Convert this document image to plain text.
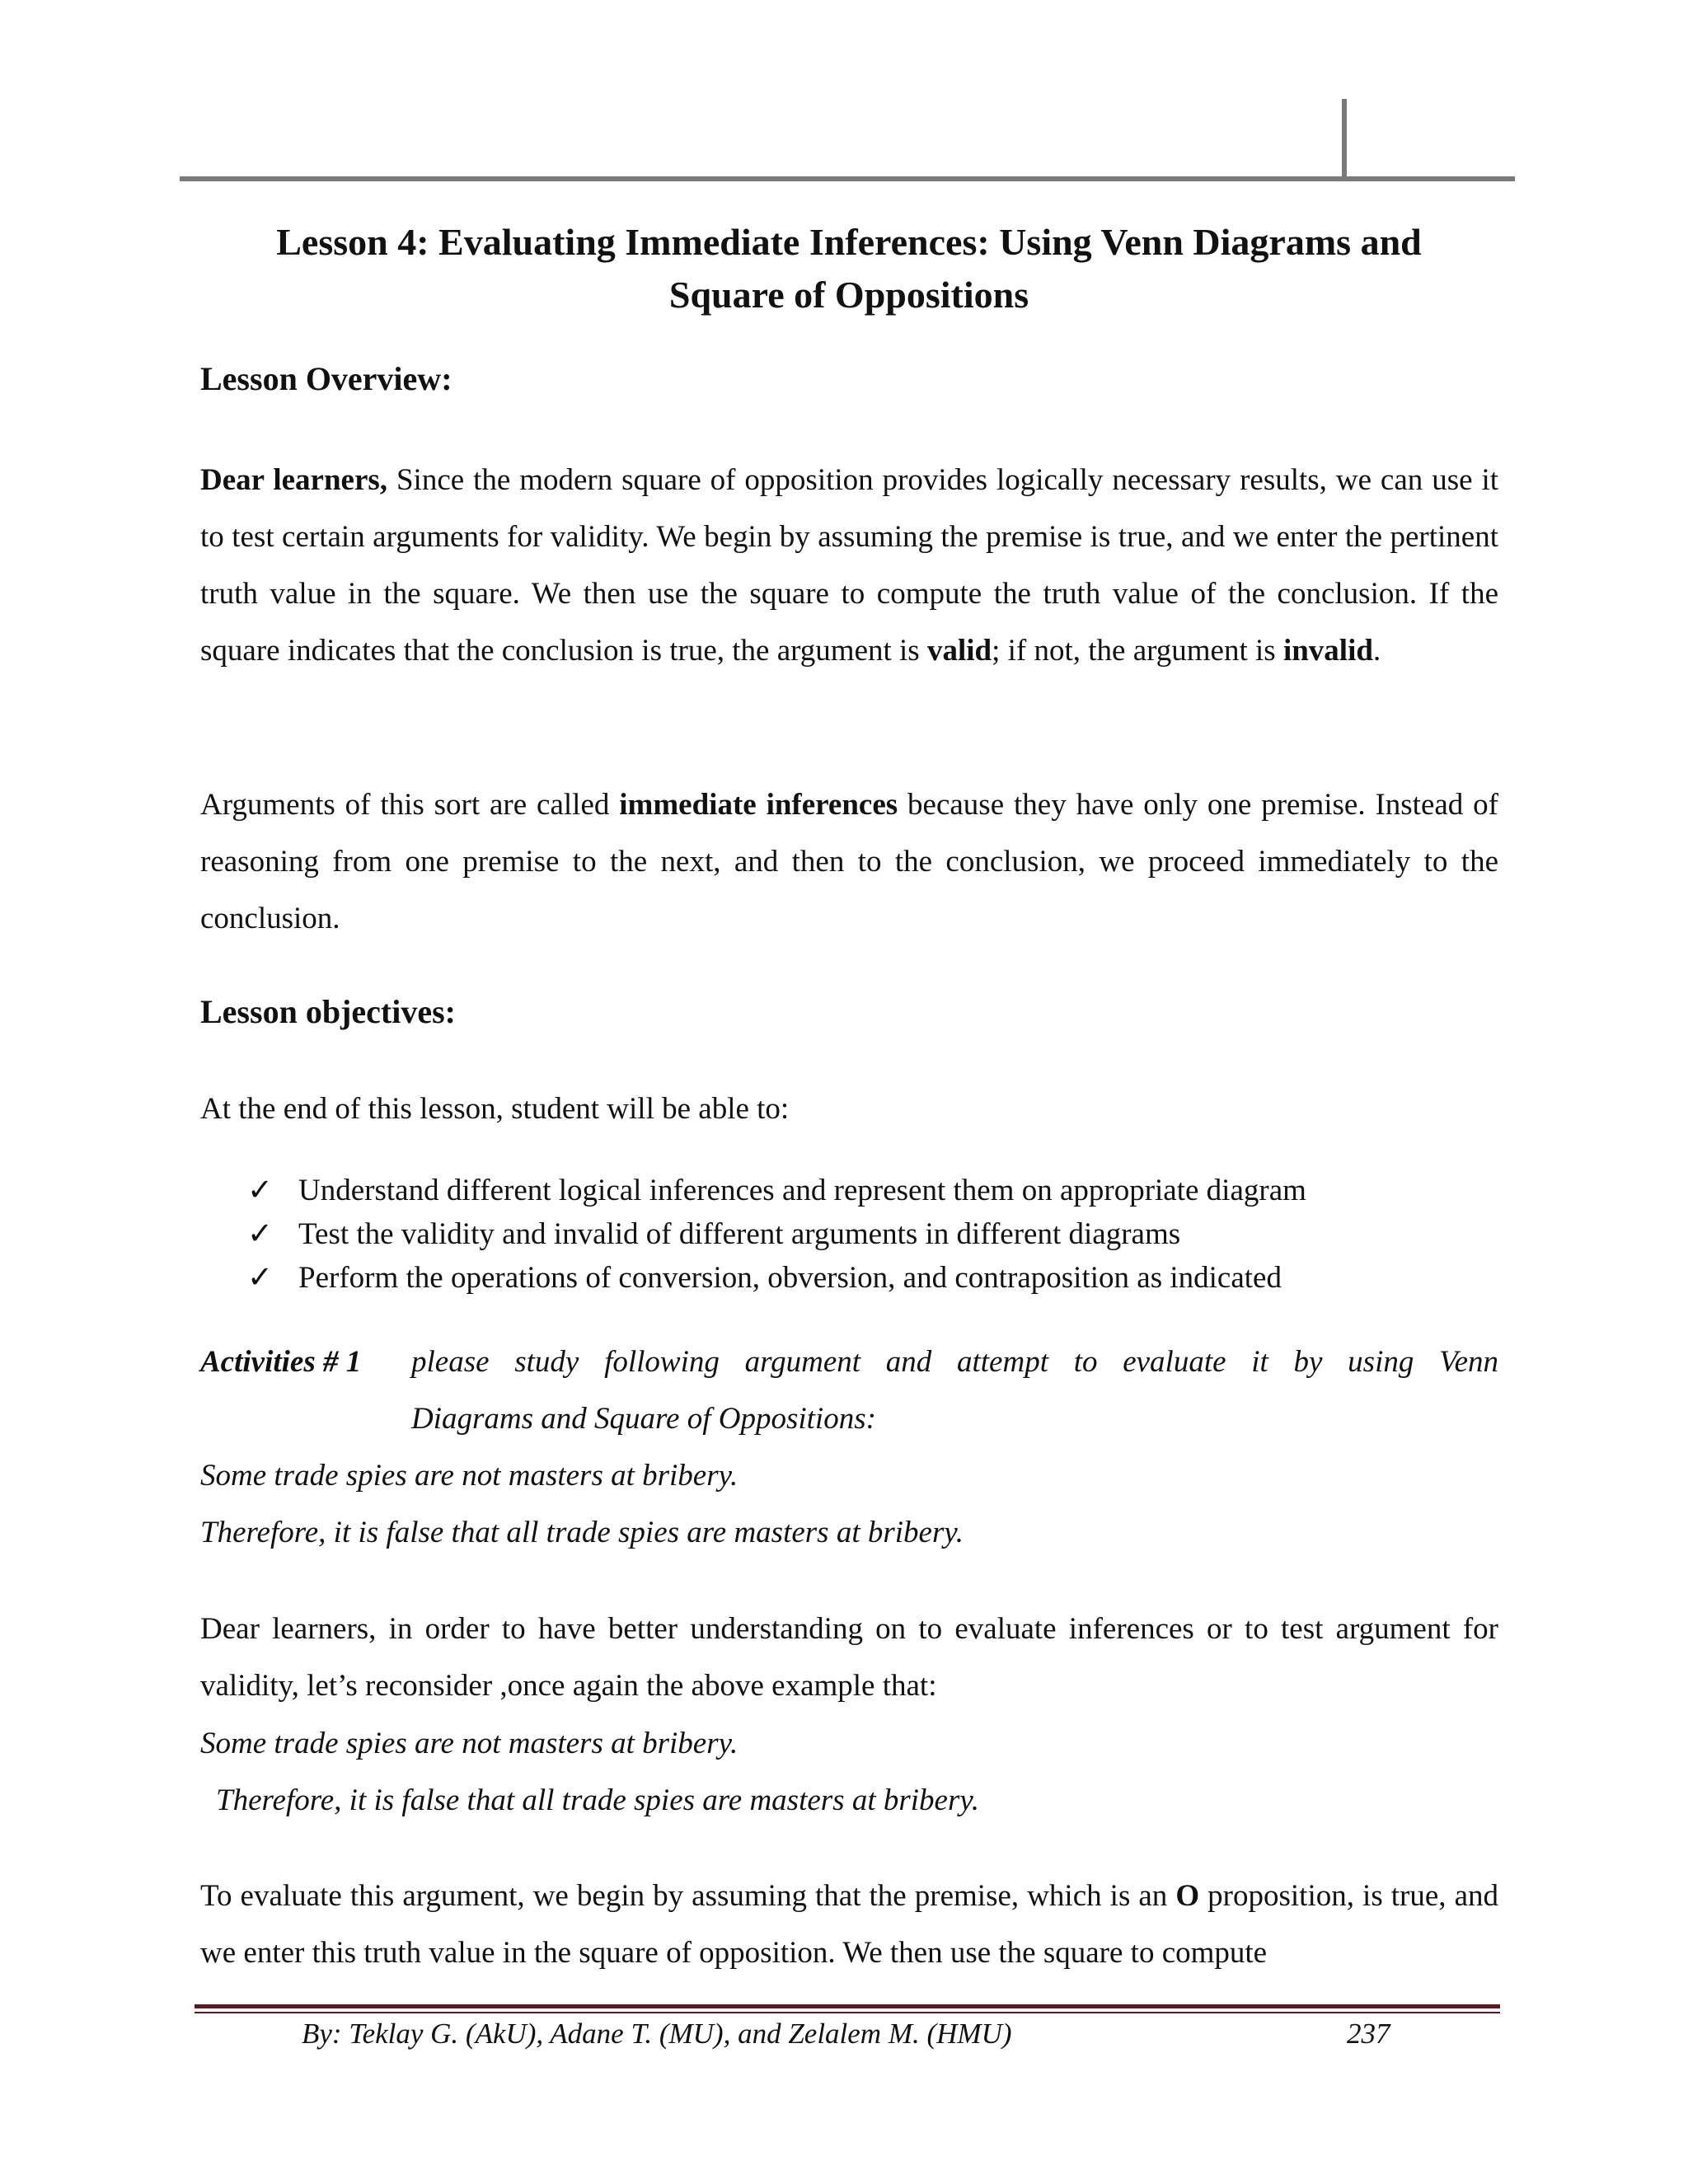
Lesson 4: Evaluating Immediate Inferences: Using Venn Diagrams and
Square of Oppositions
Lesson Overview:
Dear learners, Since the modern square of opposition provides logically necessary results, we can use it to test certain arguments for validity. We begin by assuming the premise is true, and we enter the pertinent truth value in the square. We then use the square to compute the truth value of the conclusion. If the square indicates that the conclusion is true, the argument is valid; if not, the argument is invalid.
Arguments of this sort are called immediate inferences because they have only one premise. Instead of reasoning from one premise to the next, and then to the conclusion, we proceed immediately to the conclusion.
Lesson objectives:
At the end of this lesson, student will be able to:
✓ Understand different logical inferences and represent them on appropriate diagram
✓ Test the validity and invalid of different arguments in different diagrams
✓ Perform the operations of conversion, obversion, and contraposition as indicated
Activities # 1	please study following argument and attempt to evaluate it by using Venn
Diagrams and Square of Oppositions:
Some trade spies are not masters at bribery.
Therefore, it is false that all trade spies are masters at bribery.
Dear learners, in order to have better understanding on to evaluate inferences or to test argument for validity, let’s reconsider ,once again the above example that:
Some trade spies are not masters at bribery.
Therefore, it is false that all trade spies are masters at bribery.
To evaluate this argument, we begin by assuming that the premise, which is an O proposition, is true, and we enter this truth value in the square of opposition. We then use the square to compute
By: Teklay G. (AkU), Adane T. (MU), and Zelalem M. (HMU)	237
